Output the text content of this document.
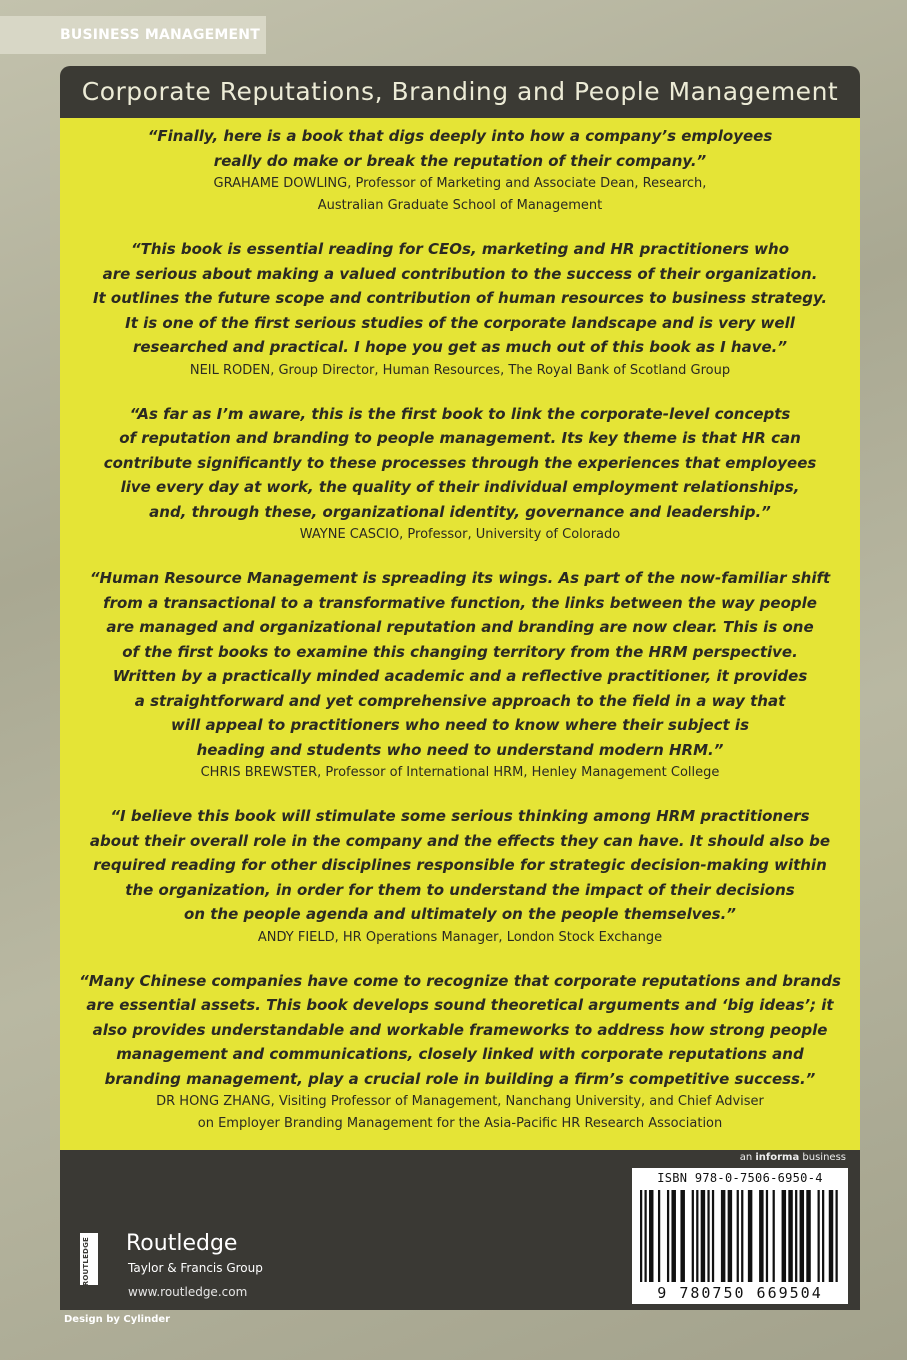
BUSINESS MANAGEMENT
Corporate Reputations, Branding and People Management

“Finally, here is a book that digs deeply into how a company’s employees

really do make or break the reputation of their company.”

GRAHAME DOWLING, Professor of Marketing and Associate Dean, Research,

Australian Graduate School of Management

“This book is essential reading for CEOs, marketing and HR practitioners who

are serious about making a valued contribution to the success of their organization.

It outlines the future scope and contribution of human resources to business strategy.

It is one of the first serious studies of the corporate landscape and is very well

researched and practical. I hope you get as much out of this book as I have.”

NEIL RODEN, Group Director, Human Resources, The Royal Bank of Scotland Group

“As far as I’m aware, this is the first book to link the corporate-level concepts

of reputation and branding to people management. Its key theme is that HR can

contribute significantly to these processes through the experiences that employees

live every day at work, the quality of their individual employment relationships,

and, through these, organizational identity, governance and leadership.”

WAYNE CASCIO, Professor, University of Colorado

“Human Resource Management is spreading its wings. As part of the now-familiar shift

from a transactional to a transformative function, the links between the way people

are managed and organizational reputation and branding are now clear. This is one

of the first books to examine this changing territory from the HRM perspective.

Written by a practically minded academic and a reflective practitioner, it provides

a straightforward and yet comprehensive approach to the field in a way that

will appeal to practitioners who need to know where their subject is

heading and students who need to understand modern HRM.”

CHRIS BREWSTER, Professor of International HRM, Henley Management College

“I believe this book will stimulate some serious thinking among HRM practitioners

about their overall role in the company and the effects they can have. It should also be

required reading for other disciplines responsible for strategic decision-making within

the organization, in order for them to understand the impact of their decisions

on the people agenda and ultimately on the people themselves.”

ANDY FIELD, HR Operations Manager, London Stock Exchange

“Many Chinese companies have come to recognize that corporate reputations and brands

are essential assets. This book develops sound theoretical arguments and ‘big ideas’; it

also provides understandable and workable frameworks to address how strong people

management and communications, closely linked with corporate reputations and

branding management, play a crucial role in building a firm’s competitive success.”

DR HONG ZHANG, Visiting Professor of Management, Nanchang University, and Chief Adviser

on Employer Branding Management for the Asia-Pacific HR Research Association

an informa business
ROUTLEDGE Routledge
Taylor & Francis Group
www.routledge.com
ISBN 978-0-7506-6950-4
9 780750 669504
Design by Cylinder
